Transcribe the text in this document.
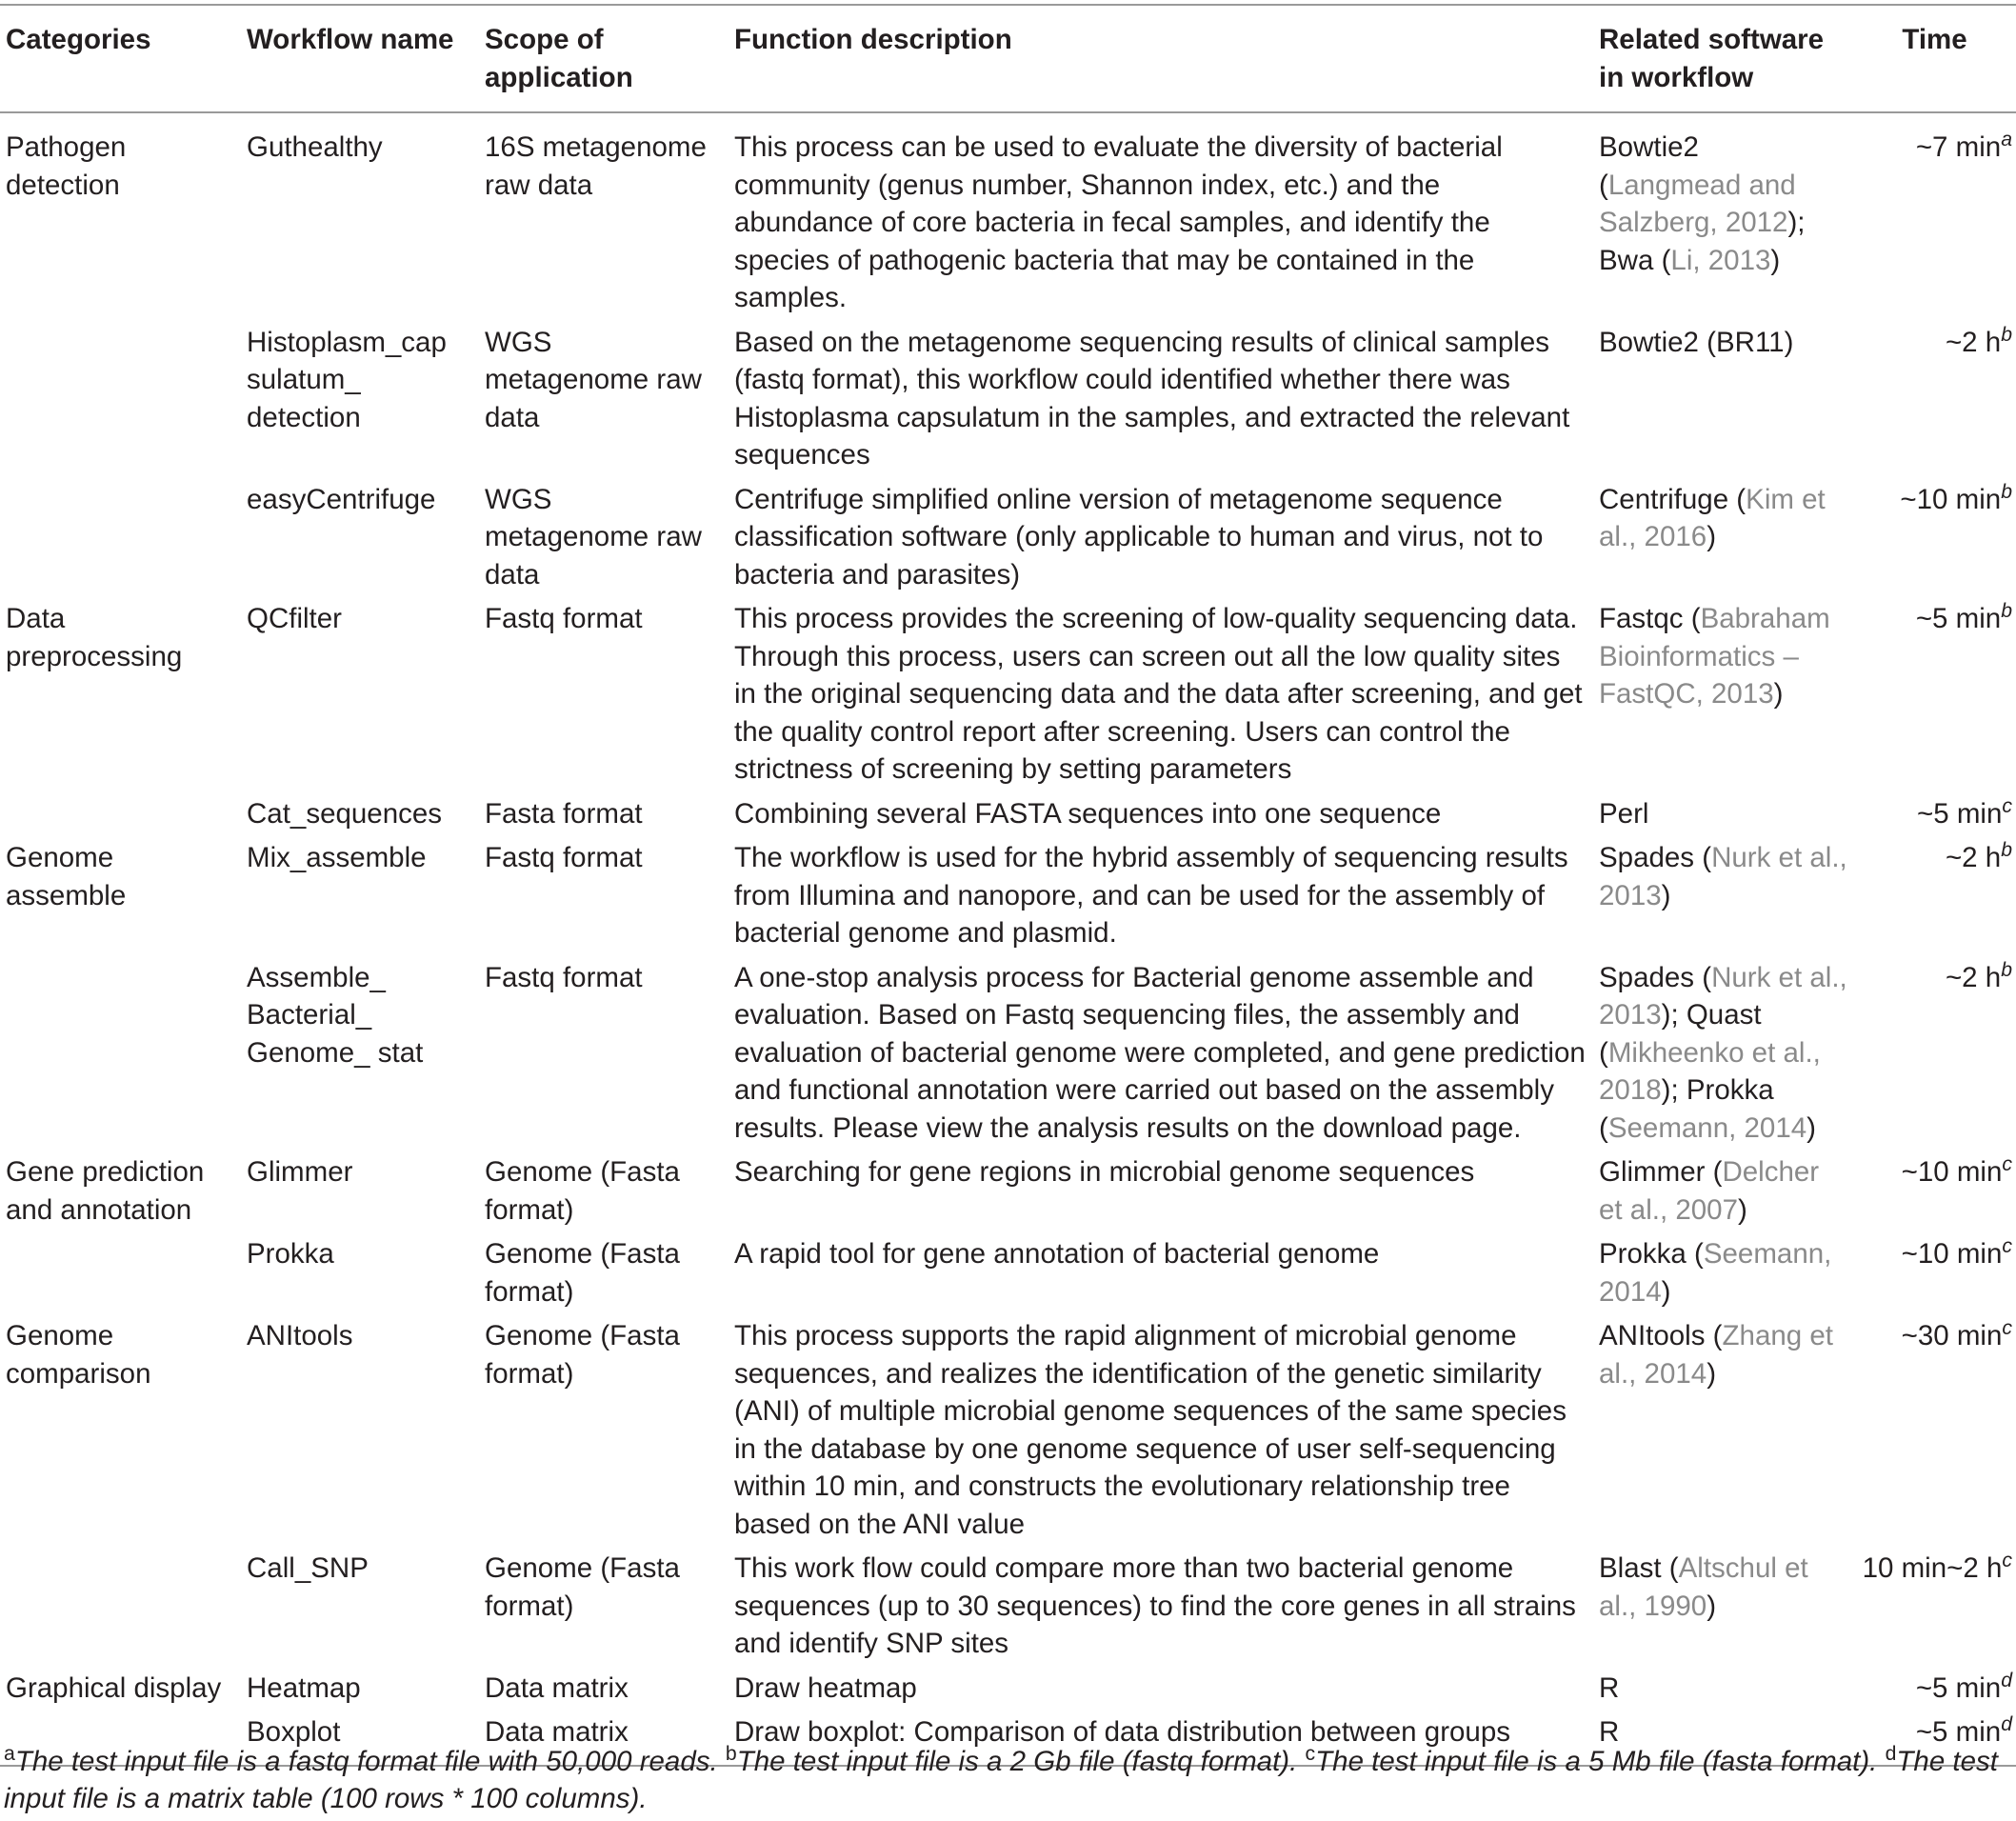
Categories	Workflow name	Scope of application	Function description	Related software in workflow	Time
Pathogen detection	Guthealthy	16S metagenome raw data	This process can be used to evaluate the diversity of bacterial community (genus number, Shannon index, etc.) and the abundance of core bacteria in fecal samples, and identify the species of pathogenic bacteria that may be contained in the samples.	Bowtie2 (Langmead and Salzberg, 2012); Bwa (Li, 2013)	~7 min$^a$
	Histoplasm_cap sulatum_ detection	WGS metagenome raw data	Based on the metagenome sequencing results of clinical samples (fastq format), this workflow could identified whether there was Histoplasma capsulatum in the samples, and extracted the relevant sequences	Bowtie2 (BR11)	~2 h$^b$
	easyCentrifuge	WGS metagenome raw data	Centrifuge simplified online version of metagenome sequence classification software (only applicable to human and virus, not to bacteria and parasites)	Centrifuge (Kim et al., 2016)	~10 min$^b$
Data preprocessing	QCfilter	Fastq format	This process provides the screening of low-quality sequencing data. Through this process, users can screen out all the low quality sites in the original sequencing data and the data after screening, and get the quality control report after screening. Users can control the strictness of screening by setting parameters	Fastqc (Babraham Bioinformatics – FastQC, 2013)	~5 min$^b$
	Cat_sequences	Fasta format	Combining several FASTA sequences into one sequence	Perl	~5 min$^c$
Genome assemble	Mix_assemble	Fastq format	The workflow is used for the hybrid assembly of sequencing results from Illumina and nanopore, and can be used for the assembly of bacterial genome and plasmid.	Spades (Nurk et al., 2013)	~2 h$^b$
	Assemble_ Bacterial_ Genome_ stat	Fastq format	A one-stop analysis process for Bacterial genome assemble and evaluation. Based on Fastq sequencing files, the assembly and evaluation of bacterial genome were completed, and gene prediction and functional annotation were carried out based on the assembly results. Please view the analysis results on the download page.	Spades (Nurk et al., 2013); Quast (Mikheenko et al., 2018); Prokka (Seemann, 2014)	~2 h$^b$
Gene prediction and annotation	Glimmer	Genome (Fasta format)	Searching for gene regions in microbial genome sequences	Glimmer (Delcher et al., 2007)	~10 min$^c$
	Prokka	Genome (Fasta format)	A rapid tool for gene annotation of bacterial genome	Prokka (Seemann, 2014)	~10 min$^c$
Genome comparison	ANItools	Genome (Fasta format)	This process supports the rapid alignment of microbial genome sequences, and realizes the identification of the genetic similarity (ANI) of multiple microbial genome sequences of the same species in the database by one genome sequence of user self-sequencing within 10 min, and constructs the evolutionary relationship tree based on the ANI value	ANItools (Zhang et al., 2014)	~30 min$^c$
	Call_SNP	Genome (Fasta format)	This work flow could compare more than two bacterial genome sequences (up to 30 sequences) to find the core genes in all strains and identify SNP sites	Blast (Altschul et al., 1990)	10 min~2 h$^c$
Graphical display	Heatmap	Data matrix	Draw heatmap	R	~5 min$^d$
	Boxplot	Data matrix	Draw boxplot: Comparison of data distribution between groups	R	~5 min$^d$
$^a$The test input file is a fastq format file with 50,000 reads. $^b$The test input file is a 2 Gb file (fastq format). $^c$The test input file is a 5 Mb file (fasta format). $^d$The test input file is a matrix table (100 rows * 100 columns).
